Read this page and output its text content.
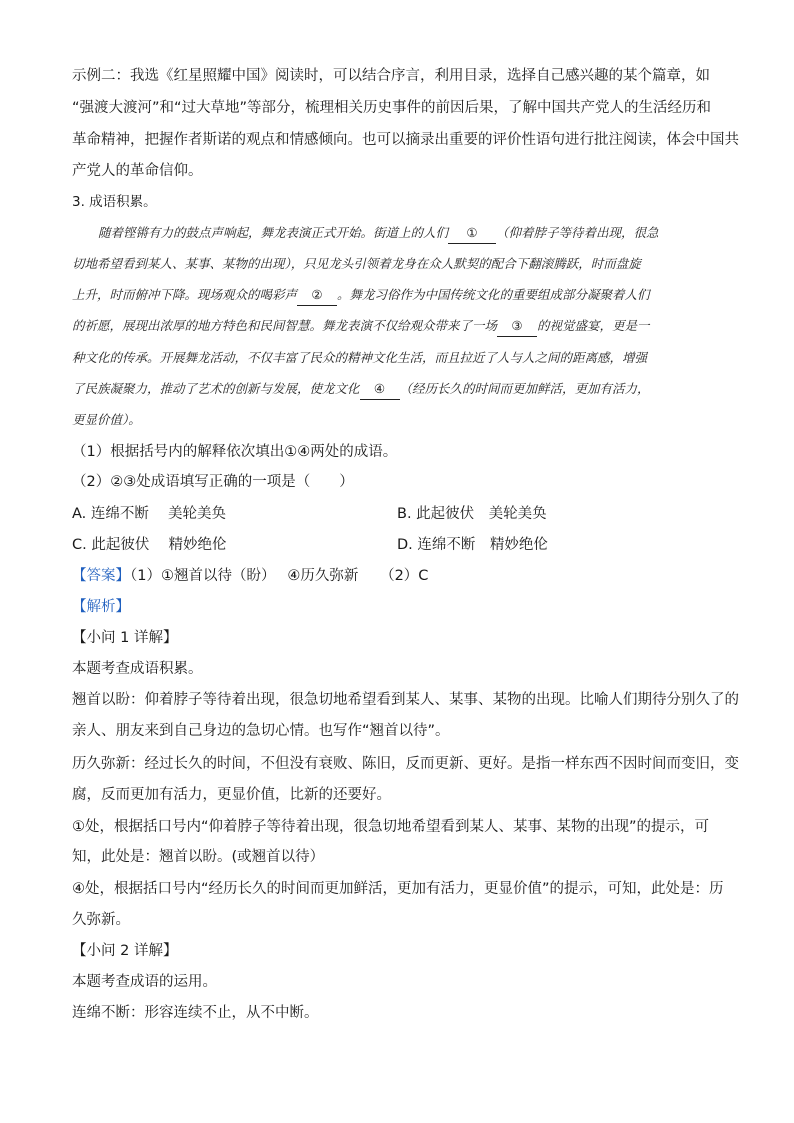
示例二：我选《红星照耀中国》阅读时，可以结合序言，利用目录，选择自己感兴趣的某个篇章，如
“强渡大渡河”和“过大草地”等部分，梳理相关历史事件的前因后果，了解中国共产党人的生活经历和
革命精神，把握作者斯诺的观点和情感倾向。也可以摘录出重要的评价性语句进行批注阅读，体会中国共
产党人的革命信仰。
3. 成语积累。
随着铿锵有力的鼓点声响起，舞龙表演正式开始。街道上的人们 ① （仰着脖子等待着出现，很急
切地希望看到某人、某事、某物的出现），只见龙头引领着龙身在众人默契的配合下翻滚腾跃，时而盘旋
上升，时而俯冲下降。现场观众的喝彩声 ② 。舞龙习俗作为中国传统文化的重要组成部分凝聚着人们
的祈愿，展现出浓厚的地方特色和民间智慧。舞龙表演不仅给观众带来了一场 ③ 的视觉盛宴，更是一
种文化的传承。开展舞龙活动，不仅丰富了民众的精神文化生活，而且拉近了人与人之间的距离感，增强
了民族凝聚力，推动了艺术的创新与发展，使龙文化 ④ （经历长久的时间而更加鲜活，更加有活力，
更显价值）。
（1）根据括号内的解释依次填出①④两处的成语。
（2）②③处成语填写正确的一项是（　　）
A. 连绵不断　 美轮美奂	B. 此起彼伏　美轮美奂
C. 此起彼伏　 精妙绝伦	D. 连绵不断　精妙绝伦
【答案】（1）①翘首以待（盼）　 ④历久弥新　　（2）C
【解析】
【小问 1 详解】
本题考查成语积累。
翘首以盼：仰着脖子等待着出现，很急切地希望看到某人、某事、某物的出现。比喻人们期待分别久了的
亲人、朋友来到自己身边的急切心情。也写作“翘首以待”。
历久弥新：经过长久的时间，不但没有衰败、陈旧，反而更新、更好。是指一样东西不因时间而变旧，变
腐，反而更加有活力，更显价值，比新的还要好。
①处，根据括口号内“仰着脖子等待着出现，很急切地希望看到某人、某事、某物的出现”的提示，可
知，此处是：翘首以盼。(或翘首以待）
④处，根据括口号内“经历长久的时间而更加鲜活，更加有活力，更显价值”的提示，可知，此处是：历
久弥新。
【小问 2 详解】
本题考查成语的运用。
连绵不断：形容连续不止，从不中断。
